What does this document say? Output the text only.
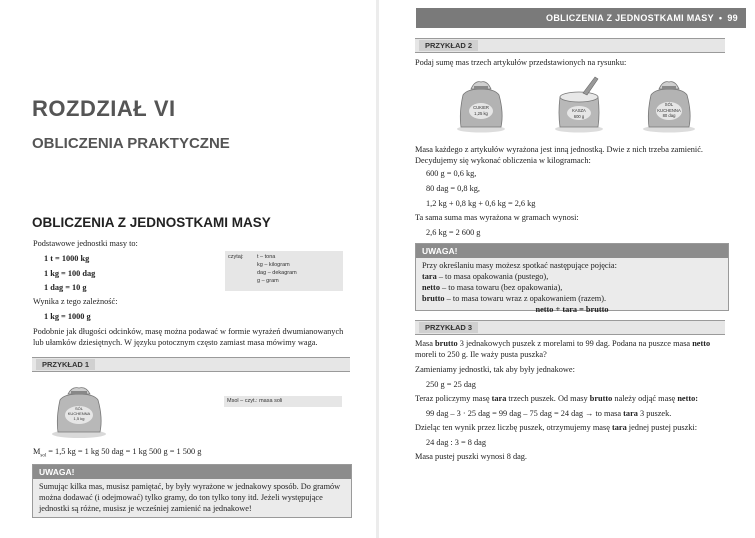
OBLICZENIA Z JEDNOSTKAMI MASY • 99
ROZDZIAŁ VI
OBLICZENIA PRAKTYCZNE
OBLICZENIA Z JEDNOSTKAMI MASY
Podstawowe jednostki masy to:
1 t = 1000 kg
1 kg = 100 dag
1 dag = 10 g
Wynika z tego zależność:
1 kg = 1000 g
czytaj: t – tona
kg – kilogram
dag – dekagram
g – gram
Podobnie jak długości odcinków, masę można podawać w formie wyrażeń dwumianowanych lub ułamków dziesiętnych. W języku potocznym często zamiast masa mówimy waga.
PRZYKŁAD 1
SÓL
KUCHENNA
1,5 kg
Msol – czyt.: masa soli
$M_{sol} = 1,5$ kg = 1 kg 50 dag = 1 kg 500 g = 1 500 g
UWAGA!
Sumując kilka mas, musisz pamiętać, by były wyrażone w jednakowy sposób. Do gramów można dodawać (i odejmować) tylko gramy, do ton tylko tony itd. Jeżeli występujące jednostki są różne, musisz je wcześniej zamienić na jednakowe!
PRZYKŁAD 2
Podaj sumę mas trzech artykułów przedstawionych na rysunku:
CUKIER
1,25 kg	KASZA
600 g
SÓL
KUCHENNA
80 dag
Masa każdego z artykułów wyrażona jest inną jednostką. Dwie z nich trzeba zamienić. Decydujemy się wykonać obliczenia w kilogramach:
600 g = 0,6 kg,
80 dag = 0,8 kg,
1,2 kg + 0,8 kg + 0,6 kg = 2,6 kg
Ta sama suma mas wyrażona w gramach wynosi:
2,6 kg = 2 600 g
UWAGA!
Przy określaniu masy możesz spotkać następujące pojęcia:
tara – to masa opakowania (pustego),
netto – to masa towaru (bez opakowania),
brutto – to masa towaru wraz z opakowaniem (razem).
netto + tara = brutto
PRZYKŁAD 3
Masa brutto 3 jednakowych puszek z morelami to 99 dag. Podana na puszce masa netto moreli to 250 g. Ile waży pusta puszka?
Zamieniamy jednostki, tak aby były jednakowe:
250 g = 25 dag
Teraz policzymy masę tara trzech puszek. Od masy brutto należy odjąć masę netto:
99 dag – 3 · 25 dag = 99 dag – 75 dag = 24 dag → to masa tara 3 puszek.
Dzieląc ten wynik przez liczbę puszek, otrzymujemy masę tara jednej pustej puszki:
24 dag : 3 = 8 dag
Masa pustej puszki wynosi 8 dag.
